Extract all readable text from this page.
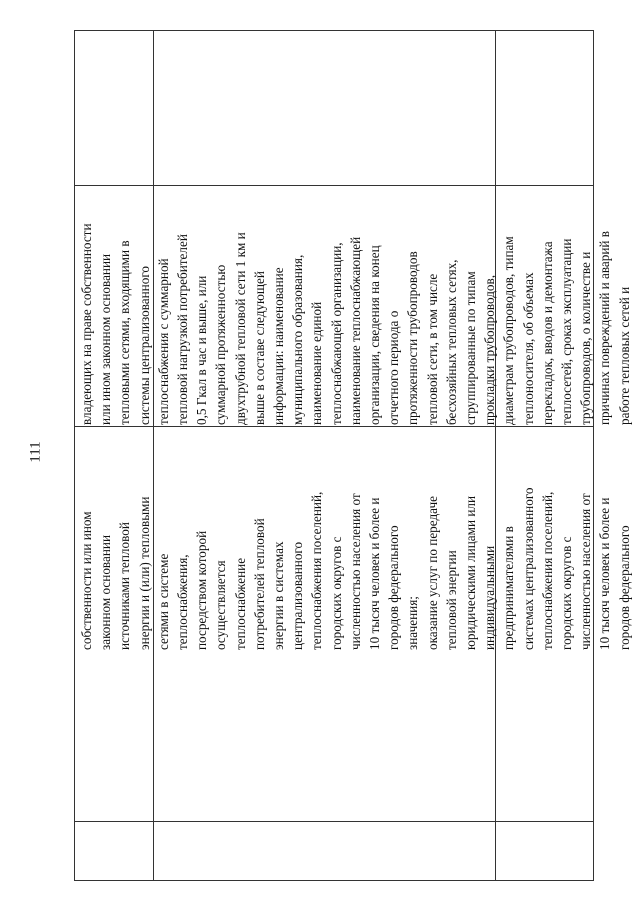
111
собственности или ином законном основании источниками тепловой энергии и (или) тепловыми сетями в системе теплоснабжения, посредством которой осуществляется теплоснабжение потребителей тепловой энергии в системах централизованного теплоснабжения поселений, городских округов с численностью населения от 10 тысяч человек и более и городов федерального значения; оказание услуг по передаче тепловой энергии юридическими лицами или индивидуальными предпринимателями в системах централизованного теплоснабжения поселений, городских округов с численностью населения от 10 тысяч человек и более и городов федерального
владеющих на праве собственности или ином законном основании тепловыми сетями, входящими в системы централизованного теплоснабжения с суммарной тепловой нагрузкой потребителей 0,5 Гкал в час и выше, или суммарной протяженностью двухтрубной тепловой сети 1 км и выше в составе следующей информации: наименование муниципального образования, наименование единой теплоснабжающей организации, наименование теплоснабжающей организации, сведения на конец отчетного периода о протяженности трубопроводов тепловой сети, в том числе бесхозяйных тепловых сетях, сгруппированные по типам прокладки трубопроводов, диаметрам трубопроводов, типам теплоносителя, об объемах перекладок, вводов и демонтажа теплосетей, сроках эксплуатации трубопроводов, о количестве и причинах повреждений и аварий в работе тепловых сетей и
